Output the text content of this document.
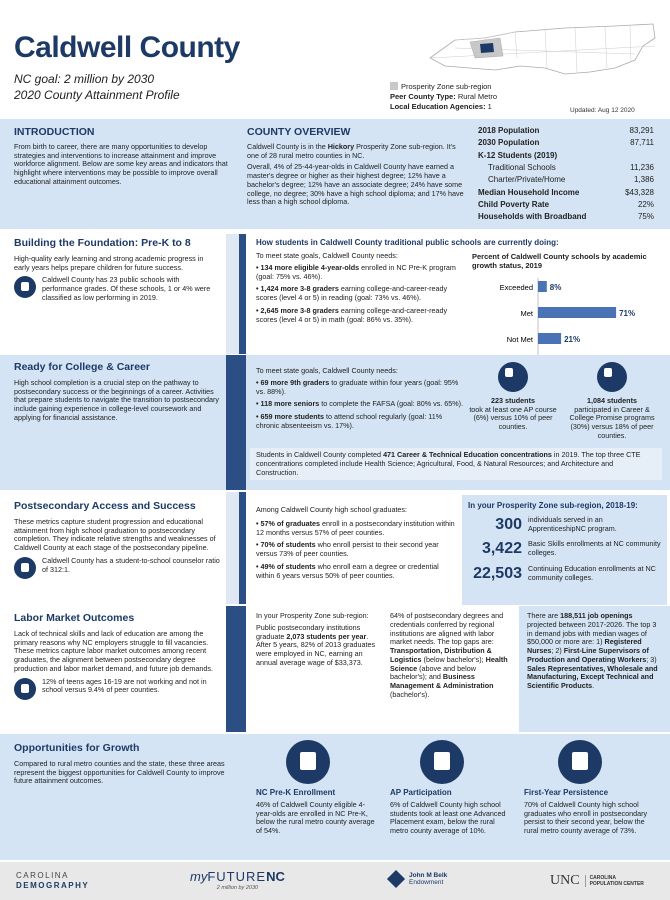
Caldwell County
NC goal: 2 million by 2030
2020 County Attainment Profile
Prosperity Zone sub-region
Peer County Type: Rural Metro
Local Education Agencies: 1	Updated: Aug 12 2020
INTRODUCTION
From birth to career, there are many opportunities to develop strategies and interventions to increase attainment and improve workforce alignment. Below are some key areas and indicators that highlight where interventions may be possible to improve overall educational attainment outcomes.
COUNTY OVERVIEW

Caldwell County is in the Hickory Prosperity Zone sub-region. It's one of 28 rural metro counties in NC.

Overall, 4% of 25-44-year-olds in Caldwell County have earned a master's degree or higher as their highest degree; 12% have a bachelor's degree; 12% have an associate degree; 24% have some college, no degree; 30% have a high school diploma; and 17% have less than a high school diploma.

2018 Population	83,291
2030 Population	87,711
K-12 Students (2019)
Traditional Schools	11,236
Charter/Private/Home	1,386
Median Household Income	$43,328
Child Poverty Rate	22%
Households with Broadband	75%
Building the Foundation: Pre-K to 8

High-quality early learning and strong academic progress in early years helps prepare children for future success.

Caldwell County has 23 public schools with performance grades. Of these schools, 1 or 4% were classified as low performing in 2019.
How students in Caldwell County traditional public schools are currently doing:

To meet state goals, Caldwell County needs:

• 134 more eligible 4-year-olds enrolled in NC Pre-K program (goal: 75% vs. 46%).
• 1,424 more 3-8 graders earning college-and-career-ready scores (level 4 or 5) in reading (goal: 73% vs. 46%).
• 2,645 more 3-8 graders earning college-and-career-ready scores (level 4 or 5) in math (goal: 86% vs. 35%).
Percent of Caldwell County schools by academic growth status, 2019
Exceeded 8%
Met	71%
Not Met	21%
Ready for College & Career

High school completion is a crucial step on the pathway to postsecondary success or the beginnings of a career. Activities that prepare students to navigate the transition to postsecondary include gaining experience in college-level coursework and applying for financial assistance.

To meet state goals, Caldwell County needs:

• 69 more 9th graders to graduate within four years (goal: 95% vs. 88%).
• 118 more seniors to complete the FAFSA (goal: 80% vs. 65%).
• 659 more students to attend school regularly (goal: 11% chronic absenteeism vs. 17%).
223 students
took at least one AP course (6%) versus 10% of peer counties.
1,084 students
participated in Career & College Promise programs (30%) versus 18% of peer counties.
Students in Caldwell County completed 471 Career & Technical Education concentrations in 2019. The top three CTE concentrations completed include Health Science; Agricultural, Food, & Natural Resources; and Architecture and Construction.
Postsecondary Access and Success

These metrics capture student progression and educational attainment from high school graduation to postsecondary completion. They indicate relative strengths and weaknesses of Caldwell County at each stage of the postsecondary pipeline.

Caldwell County has a student-to-school counselor ratio of 312:1.

Among Caldwell County high school graduates:

• 57% of graduates enroll in a postsecondary institution within 12 months versus 57% of peer counties.
• 70% of students who enroll persist to their second year versus 73% of peer counties.
• 49% of students who enroll earn a degree or credential within 6 years versus 50% of peer counties.
In your Prosperity Zone sub-region, 2018-19:
300 individuals served in an ApprenticeshipNC program.
3,422 Basic Skills enrollments at NC community colleges.
22,503 Continuing Education enrollments at NC community colleges.
Labor Market Outcomes

Lack of technical skills and lack of education are among the primary reasons why NC employers struggle to fill vacancies. These metrics capture labor market outcomes among recent graduates, the alignment between postsecondary degree production and labor market demand, and future job demands.

12% of teens ages 16-19 are not working and not in school versus 9.4% of peer counties.

In your Prosperity Zone sub-region:

Public postsecondary institutions graduate 2,073 students per year. After 5 years, 82% of 2013 graduates were employed in NC, earning an annual average wage of $33,373.

64% of postsecondary degrees and credentials conferred by regional institutions are aligned with labor market needs. The top gaps are: Transportation, Distribution & Logistics (below bachelor's); Health Science (above and below bachelor's); and Business Management & Administration (bachelor's).
There are 188,511 job openings projected between 2017-2026. The top 3 in demand jobs with median wages of $50,000 or more are: 1) Registered Nurses; 2) First-Line Supervisors of Production and Operating Workers; 3) Sales Representatives, Wholesale and Manufacturing, Except Technical and Scientific Products.
Opportunities for Growth

Compared to rural metro counties and the state, these three areas represent the biggest opportunities for Caldwell County to improve future attainment outcomes.

NC Pre-K Enrollment
46% of Caldwell County eligible 4-year-olds are enrolled in NC Pre-K, below the rural metro county average of 54%.
AP Participation
6% of Caldwell County high school students took at least one Advanced Placement exam, below the rural metro county average of 10%.
First-Year Persistence
70% of Caldwell County high school graduates who enroll in postsecondary persist to their second year, below the rural metro county average of 73%.
CAROLINA
DEMOGRAPHY
myFUTURENC
2 million by 2030
John M Belk
Endowment	UNC CAROLINA
POPULATION CENTER
